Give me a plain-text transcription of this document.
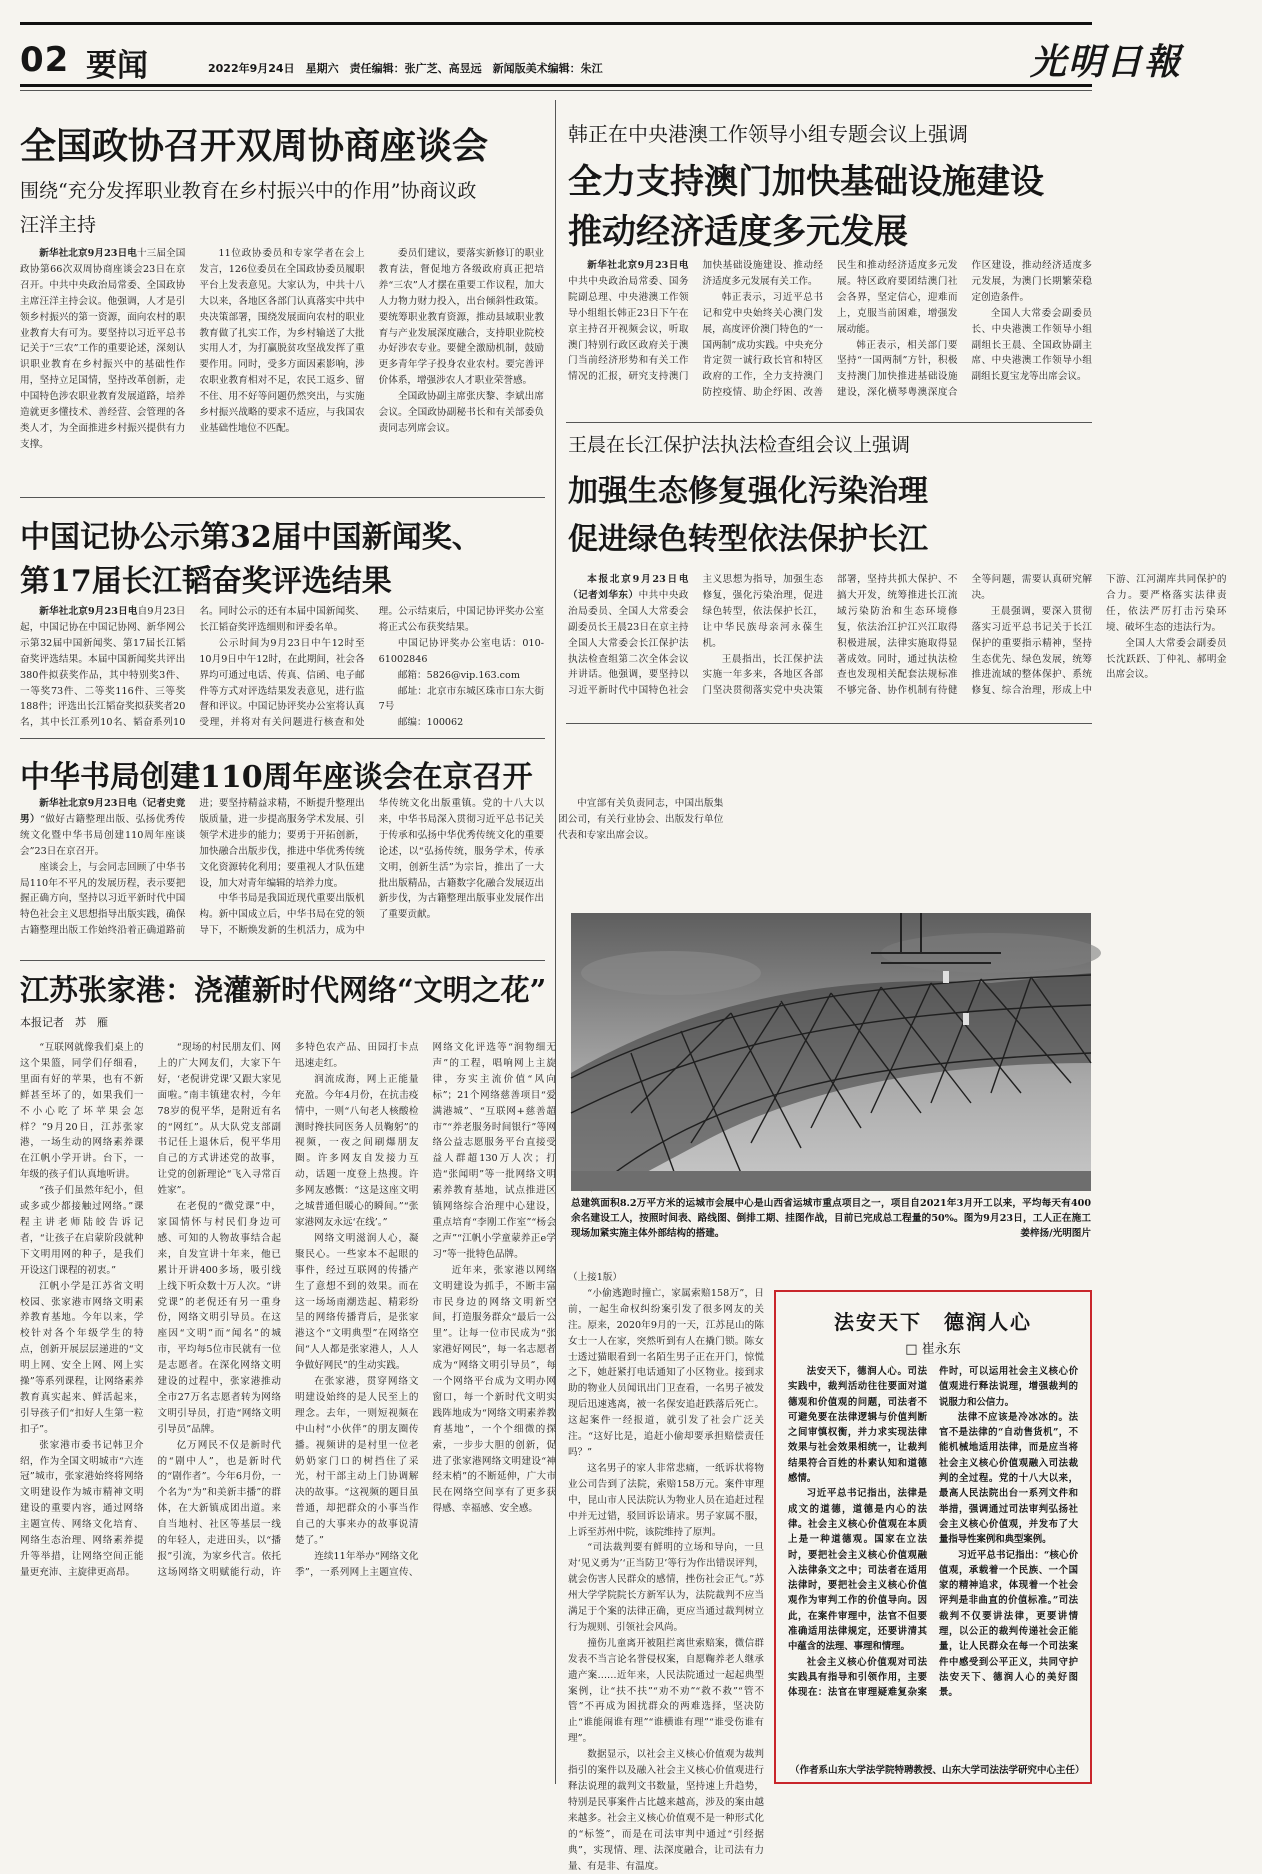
02 要闻	2022年9月24日　星期六　责任编辑：张广芝、高昱远　新闻版美术编辑：朱江	光明日報
全国政协召开双周协商座谈会
围绕“充分发挥职业教育在乡村振兴中的作用”协商议政
汪洋主持

新华社北京9月23日电十三届全国政协第66次双周协商座谈会23日在京召开。中共中央政治局常委、全国政协主席汪洋主持会议。他强调，人才是引领乡村振兴的第一资源，面向农村的职业教育大有可为。要坚持以习近平总书记关于“三农”工作的重要论述，深刻认识职业教育在乡村振兴中的基础性作用，坚持立足国情，坚持改革创新，走中国特色涉农职业教育发展道路，培养造就更多懂技术、善经营、会管理的各类人才，为全面推进乡村振兴提供有力支撑。

11位政协委员和专家学者在会上发言，126位委员在全国政协委员履职平台上发表意见。大家认为，中共十八大以来，各地区各部门认真落实中共中央决策部署，围绕发展面向农村的职业教育做了扎实工作，为乡村输送了大批实用人才，为打赢脱贫攻坚战发挥了重要作用。同时，受多方面因素影响，涉农职业教育相对不足，农民工返乡、留不住、用不好等问题仍然突出，与实施乡村振兴战略的要求不适应，与我国农业基础性地位不匹配。

委员们建议，要落实新修订的职业教育法，督促地方各级政府真正把培养“三农”人才摆在重要工作议程，加大人力物力财力投入，出台倾斜性政策。要统筹职业教育资源，推动县域职业教育与产业发展深度融合，支持职业院校办好涉农专业。要健全激励机制，鼓励更多青年学子投身农业农村。要完善评价体系，增强涉农人才职业荣誉感。

全国政协副主席张庆黎、李斌出席会议。全国政协副秘书长和有关部委负责同志列席会议。

韩正在中央港澳工作领导小组专题会议上强调
全力支持澳门加快基础设施建设
推动经济适度多元发展

新华社北京9月23日电中共中央政治局常委、国务院副总理、中央港澳工作领导小组组长韩正23日下午在京主持召开视频会议，听取澳门特别行政区政府关于澳门当前经济形势和有关工作情况的汇报，研究支持澳门加快基础设施建设、推动经济适度多元发展有关工作。

韩正表示，习近平总书记和党中央始终关心澳门发展，高度评价澳门特色的“一国两制”成功实践。中央充分肯定贺一诚行政长官和特区政府的工作，全力支持澳门防控疫情、助企纾困、改善民生和推动经济适度多元发展。特区政府要团结澳门社会各界，坚定信心，迎难而上，克服当前困难，增强发展动能。

韩正表示，相关部门要坚持“一国两制”方针，积极支持澳门加快推进基础设施建设，深化横琴粤澳深度合作区建设，推动经济适度多元发展，为澳门长期繁荣稳定创造条件。

全国人大常委会副委员长、中央港澳工作领导小组副组长王晨、全国政协副主席、中央港澳工作领导小组副组长夏宝龙等出席会议。

中国记协公示第32届中国新闻奖、
第17届长江韬奋奖评选结果

新华社北京9月23日电自9月23日起，中国记协在中国记协网、新华网公示第32届中国新闻奖、第17届长江韬奋奖评选结果。本届中国新闻奖共评出380件拟获奖作品，其中特别奖3件、一等奖73件、二等奖116件、三等奖188件；评选出长江韬奋奖拟获奖者20名，其中长江系列10名、韬奋系列10名。同时公示的还有本届中国新闻奖、长江韬奋奖评选细则和评委名单。

公示时间为9月23日中午12时至10月9日中午12时，在此期间，社会各界均可通过电话、传真、信函、电子邮件等方式对评选结果发表意见，进行监督和评议。中国记协评奖办公室将认真受理，并将对有关问题进行核查和处理。公示结束后，中国记协评奖办公室将正式公布获奖结果。

中国记协评奖办公室电话：010-61002846

邮箱：5826@vip.163.com

邮址：北京市东城区珠市口东大街7号

邮编：100062

王晨在长江保护法执法检查组会议上强调
加强生态修复强化污染治理
促进绿色转型依法保护长江

本报北京9月23日电（记者刘华东）中共中央政治局委员、全国人大常委会副委员长王晨23日在京主持全国人大常委会长江保护法执法检查组第二次全体会议并讲话。他强调，要坚持以习近平新时代中国特色社会主义思想为指导，加强生态修复，强化污染治理，促进绿色转型，依法保护长江，让中华民族母亲河永葆生机。

王晨指出，长江保护法实施一年多来，各地区各部门坚决贯彻落实党中央决策部署，坚持共抓大保护、不搞大开发，统筹推进长江流域污染防治和生态环境修复，依法治江护江兴江取得积极进展，法律实施取得显著成效。同时，通过执法检查也发现相关配套法规标准不够完备、协作机制有待健全等问题，需要认真研究解决。

王晨强调，要深入贯彻落实习近平总书记关于长江保护的重要指示精神，坚持生态优先、绿色发展，统筹推进流域的整体保护、系统修复、综合治理，形成上中下游、江河湖库共同保护的合力。要严格落实法律责任，依法严厉打击污染环境、破坏生态的违法行为。

全国人大常委会副委员长沈跃跃、丁仲礼、郝明金出席会议。

中华书局创建110周年座谈会在京召开

新华社北京9月23日电（记者史竞男）“做好古籍整理出版、弘扬优秀传统文化暨中华书局创建110周年座谈会”23日在京召开。

座谈会上，与会同志回顾了中华书局110年不平凡的发展历程，表示要把握正确方向，坚持以习近平新时代中国特色社会主义思想指导出版实践，确保古籍整理出版工作始终沿着正确道路前进；要坚持精益求精，不断提升整理出版质量，进一步提高服务学术发展、引领学术进步的能力；要勇于开拓创新，加快融合出版步伐，推进中华优秀传统文化资源转化利用；要重视人才队伍建设，加大对青年编辑的培养力度。

中华书局是我国近现代重要出版机构。新中国成立后，中华书局在党的领导下，不断焕发新的生机活力，成为中华传统文化出版重镇。党的十八大以来，中华书局深入贯彻习近平总书记关于传承和弘扬中华优秀传统文化的重要论述，以“弘扬传统，服务学术，传承文明，创新生活”为宗旨，推出了一大批出版精品，古籍数字化融合发展迈出新步伐，为古籍整理出版事业发展作出了重要贡献。

中宣部有关负责同志，中国出版集团公司，有关行业协会、出版发行单位代表和专家出席会议。

江苏张家港：浇灌新时代网络“文明之花”
本报记者　苏　雁

“互联网就像我们桌上的这个果篮，同学们仔细看，里面有好的苹果，也有不新鲜甚至坏了的，如果我们一不小心吃了坏苹果会怎样？”9月20日，江苏张家港，一场生动的网络素养课在江帆小学开讲。台下，一年级的孩子们认真地听讲。

“孩子们虽然年纪小，但或多或少都接触过网络。”课程主讲老师陆皎告诉记者，“让孩子在启蒙阶段就种下文明用网的种子，是我们开设这门课程的初衷。”

江帆小学是江苏省文明校园、张家港市网络文明素养教育基地。今年以来，学校针对各个年级学生的特点，创新开展层层递进的“文明上网、安全上网、网上实操”等系列课程，让网络素养教育真实起来、鲜活起来，引导孩子们“扣好人生第一粒扣子”。

张家港市委书记韩卫介绍，作为全国文明城市“六连冠”城市，张家港始终将网络文明建设作为城市精神文明建设的重要内容，通过网络主题宣传、网络文化培育、网络生态治理、网络素养提升等举措，让网络空间正能量更充沛、主旋律更高昂。

“现场的村民朋友们、网上的广大网友们，大家下午好，‘老倪讲党课’又跟大家见面啦。”南丰镇建农村，今年78岁的倪平华，是附近有名的“网红”。从大队党支部副书记任上退休后，倪平华用自己的方式讲述党的故事，让党的创新理论“飞入寻常百姓家”。

在老倪的“微党课”中，家国情怀与村民们身边可感、可知的人物故事结合起来，自发宣讲十年来，他已累计开讲400多场，吸引线上线下听众数十万人次。“讲党课”的老倪还有另一重身份，网络文明引导员。在这座因“文明”而“闻名”的城市，平均每5位市民就有一位是志愿者。在深化网络文明建设的过程中，张家港推动全市27万名志愿者转为网络文明引导员，打造“网络文明引导员”品牌。

亿万网民不仅是新时代的“剧中人”，也是新时代的“剧作者”。今年6月份，一个名为“为”和美新丰播”的群体，在大新镇成团出道。来自当地村、社区等基层一线的年轻人，走进田头，以“播报”引流，为家乡代言。依托这场网络文明赋能行动，许多特色农产品、田园打卡点迅速走红。

润流成海，网上正能量充盈。今年4月份，在抗击疫情中，一则“八旬老人核酸检测时搀扶同医务人员鞠躬”的视频，一夜之间刷爆朋友圈。许多网友自发接力互动，话题一度登上热搜。许多网友感慨：“这是这座文明之城普通但暖心的瞬间。”“张家港网友永远‘在线’。”

网络文明滋润人心，凝聚民心。一些家本不起眼的事件，经过互联网的传播产生了意想不到的效果。而在这一场场南潮迭起、精彩纷呈的网络传播背后，是张家港这个“文明典型”在网络空间“人人都是张家港人，人人争做好网民”的生动实践。

在张家港，贯穿网络文明建设始终的是人民至上的理念。去年，一则短视频在中山村“小伙伴”的朋友圈传播。视频讲的是村里一位老奶奶家门口的树挡住了采光，村干部主动上门协调解决的故事。“这视频的题目虽普通，却把群众的小事当作自己的大事来办的故事说清楚了。”

连续11年举办“网络文化季”，一系列网上主题宣传、网络文化评选等“润物细无声”的工程，唱响网上主旋律，夯实主流价值“风向标”；21个网络慈善项目“爱满港城”、“互联网+慈善超市”“养老服务时间银行”等网络公益志愿服务平台直接受益人群超130万人次；打造“张闻明”等一批网络文明素养教育基地，试点推进区镇网络综合治理中心建设，重点培育“李刚工作室”“杨会之声”“江帆小学童蒙养正e学习”等一批特色品牌。

近年来，张家港以网络文明建设为抓手，不断丰富市民身边的网络文明新空间，打造服务群众“最后一公里”。让每一位市民成为“张家港好网民”，每一名志愿者成为“网络文明引导员”，每一个网络平台成为文明办网窗口，每一个新时代文明实践阵地成为“网络文明素养教育基地”，一个个细微的探索，一步步大胆的创新，促进了张家港网络文明建设“神经末梢”的不断延伸，广大市民在网络空间享有了更多获得感、幸福感、安全感。

总建筑面积8.2万平方米的运城市会展中心是山西省运城市重点项目之一，项目自2021年3月开工以来，平均每天有400余名建设工人，按照时间表、路线图、倒排工期、挂图作战，目前已完成总工程量的50%。图为9月23日，工人正在施工现场加紧实施主体外部结构的搭建。	姜梓扬/光明图片

（上接1版）

“小偷逃跑时撞亡，家属索赔158万”，日前，一起生命权纠纷案引发了很多网友的关注。原来，2020年9月的一天，江苏昆山的陈女士一人在家，突然听到有人在撬门锁。陈女士透过猫眼看到一名陌生男子正在开门，惊慌之下，她赶紧打电话通知了小区物业。接到求助的物业人员闻讯出门卫查看，一名男子被发现后迅速逃离，被一名保安追赶跌落后死亡。这起案件一经报道，就引发了社会广泛关注。“这好比是，追赶小偷却要承担赔偿责任吗？”

这名男子的家人非常悲痛，一纸诉状将物业公司告到了法院，索赔158万元。案件审理中，昆山市人民法院认为物业人员在追赶过程中并无过错，驳回诉讼请求。男子家属不服，上诉至苏州中院，该院维持了原判。

“司法裁判要有鲜明的立场和导向，一旦对‘见义勇为’‘正当防卫’等行为作出错误评判，就会伤害人民群众的感情，挫伤社会正气。”苏州大学学院院长方新军认为，法院裁判不应当满足于个案的法律正确，更应当通过裁判树立行为规则、引领社会风尚。

撞伤儿童离开被阻拦离世索赔案，微信群发表不当言论名誉侵权案，自愿鞠养老人继承遗产案……近年来，人民法院通过一起起典型案例，让“扶不扶”“劝不劝”“救不救”“管不管”不再成为困扰群众的两难选择，坚决防止“谁能闹谁有理”“谁横谁有理”“谁受伤谁有理”。

数据显示，以社会主义核心价值观为裁判指引的案件以及融入社会主义核心价值观进行释法说理的裁判文书数量，坚持速上升趋势，特别是民事案件占比越来越高，涉及的案由越来越多。社会主义核心价值观不是一种形式化的“标签”，而是在司法审判中通过“引经据典”，实现情、理、法深度融合，让司法有力量、有是非、有温度。

法安天下　德润人心
□ 崔永东

法安天下，德润人心。司法实践中，裁判活动往往要面对道德观和价值观的问题，司法者不可避免要在法律逻辑与价值判断之间审慎权衡，并力求实现法律效果与社会效果相统一，让裁判结果符合百姓的朴素认知和道德感情。

习近平总书记指出，法律是成文的道德，道德是内心的法律。社会主义核心价值观在本质上是一种道德观。国家在立法时，要把社会主义核心价值观融入法律条文之中；司法者在适用法律时，要把社会主义核心价值观作为审判工作的价值导向。因此，在案件审理中，法官不但要准确适用法律规定，还要讲清其中蕴含的法理、事理和情理。

社会主义核心价值观对司法实践具有指导和引领作用，主要体现在：法官在审理疑难复杂案件时，可以运用社会主义核心价值观进行释法说理，增强裁判的说服力和公信力。

法律不应该是冷冰冰的。法官不是法律的“自动售货机”，不能机械地适用法律，而是应当将社会主义核心价值观融入司法裁判的全过程。党的十八大以来，最高人民法院出台一系列文件和举措，强调通过司法审判弘扬社会主义核心价值观，并发布了大量指导性案例和典型案例。

习近平总书记指出：“核心价值观，承载着一个民族、一个国家的精神追求，体现着一个社会评判是非曲直的价值标准。”司法裁判不仅要讲法律，更要讲情理，以公正的裁判传递社会正能量，让人民群众在每一个司法案件中感受到公平正义，共同守护法安天下、德润人心的美好图景。

（作者系山东大学法学院特聘教授、山东大学司法法学研究中心主任）
